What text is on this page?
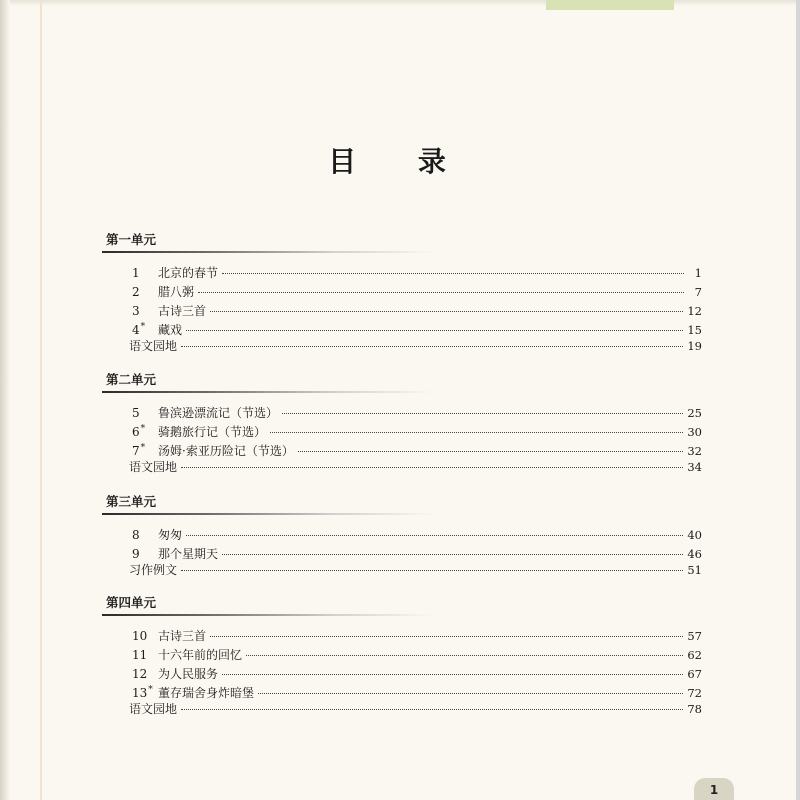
目 录
第一单元
1	北京的春节	1
2	腊八粥	7
3	古诗三首	12
4*	藏戏	15
语文园地	19
第二单元
5	鲁滨逊漂流记（节选）	25
6*	骑鹅旅行记（节选）	30
7*	汤姆·索亚历险记（节选）	32
语文园地	34
第三单元
8	匆匆	40
9	那个星期天	46
习作例文	51
第四单元
10 古诗三首	57
11 十六年前的回忆	62
12 为人民服务	67
13* 董存瑞舍身炸暗堡	72
语文园地	78
1
